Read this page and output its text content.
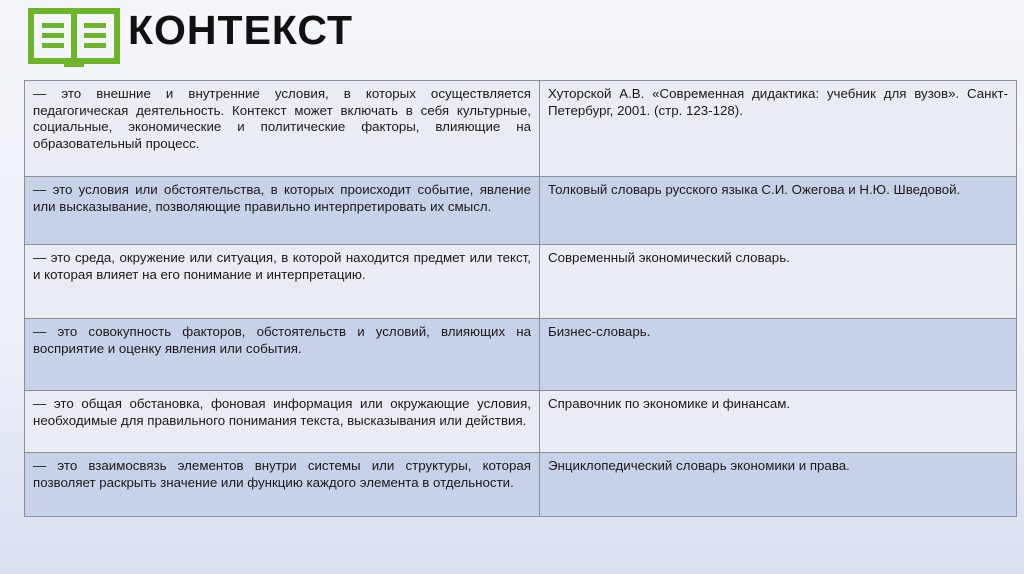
КОНТЕКСТ
— это внешние и внутренние условия, в которых осуществляется педагогическая деятельность. Контекст может включать в себя культурные, социальные, экономические и политические факторы, влияющие на образовательный процесс.	Хуторской А.В. «Современная дидактика: учебник для вузов». Санкт-Петербург, 2001. (стр. 123-128).
— это условия или обстоятельства, в которых происходит событие, явление или высказывание, позволяющие правильно интерпретировать их смысл.	Толковый словарь русского языка С.И. Ожегова и Н.Ю. Шведовой.
— это среда, окружение или ситуация, в которой находится предмет или текст, и которая влияет на его понимание и интерпретацию.	Современный экономический словарь.
— это совокупность факторов, обстоятельств и условий, влияющих на восприятие и оценку явления или события.	Бизнес-словарь.
— это общая обстановка, фоновая информация или окружающие условия, необходимые для правильного понимания текста, высказывания или действия.	Справочник по экономике и финансам.
— это взаимосвязь элементов внутри системы или структуры, которая позволяет раскрыть значение или функцию каждого элемента в отдельности.	Энциклопедический словарь экономики и права.
